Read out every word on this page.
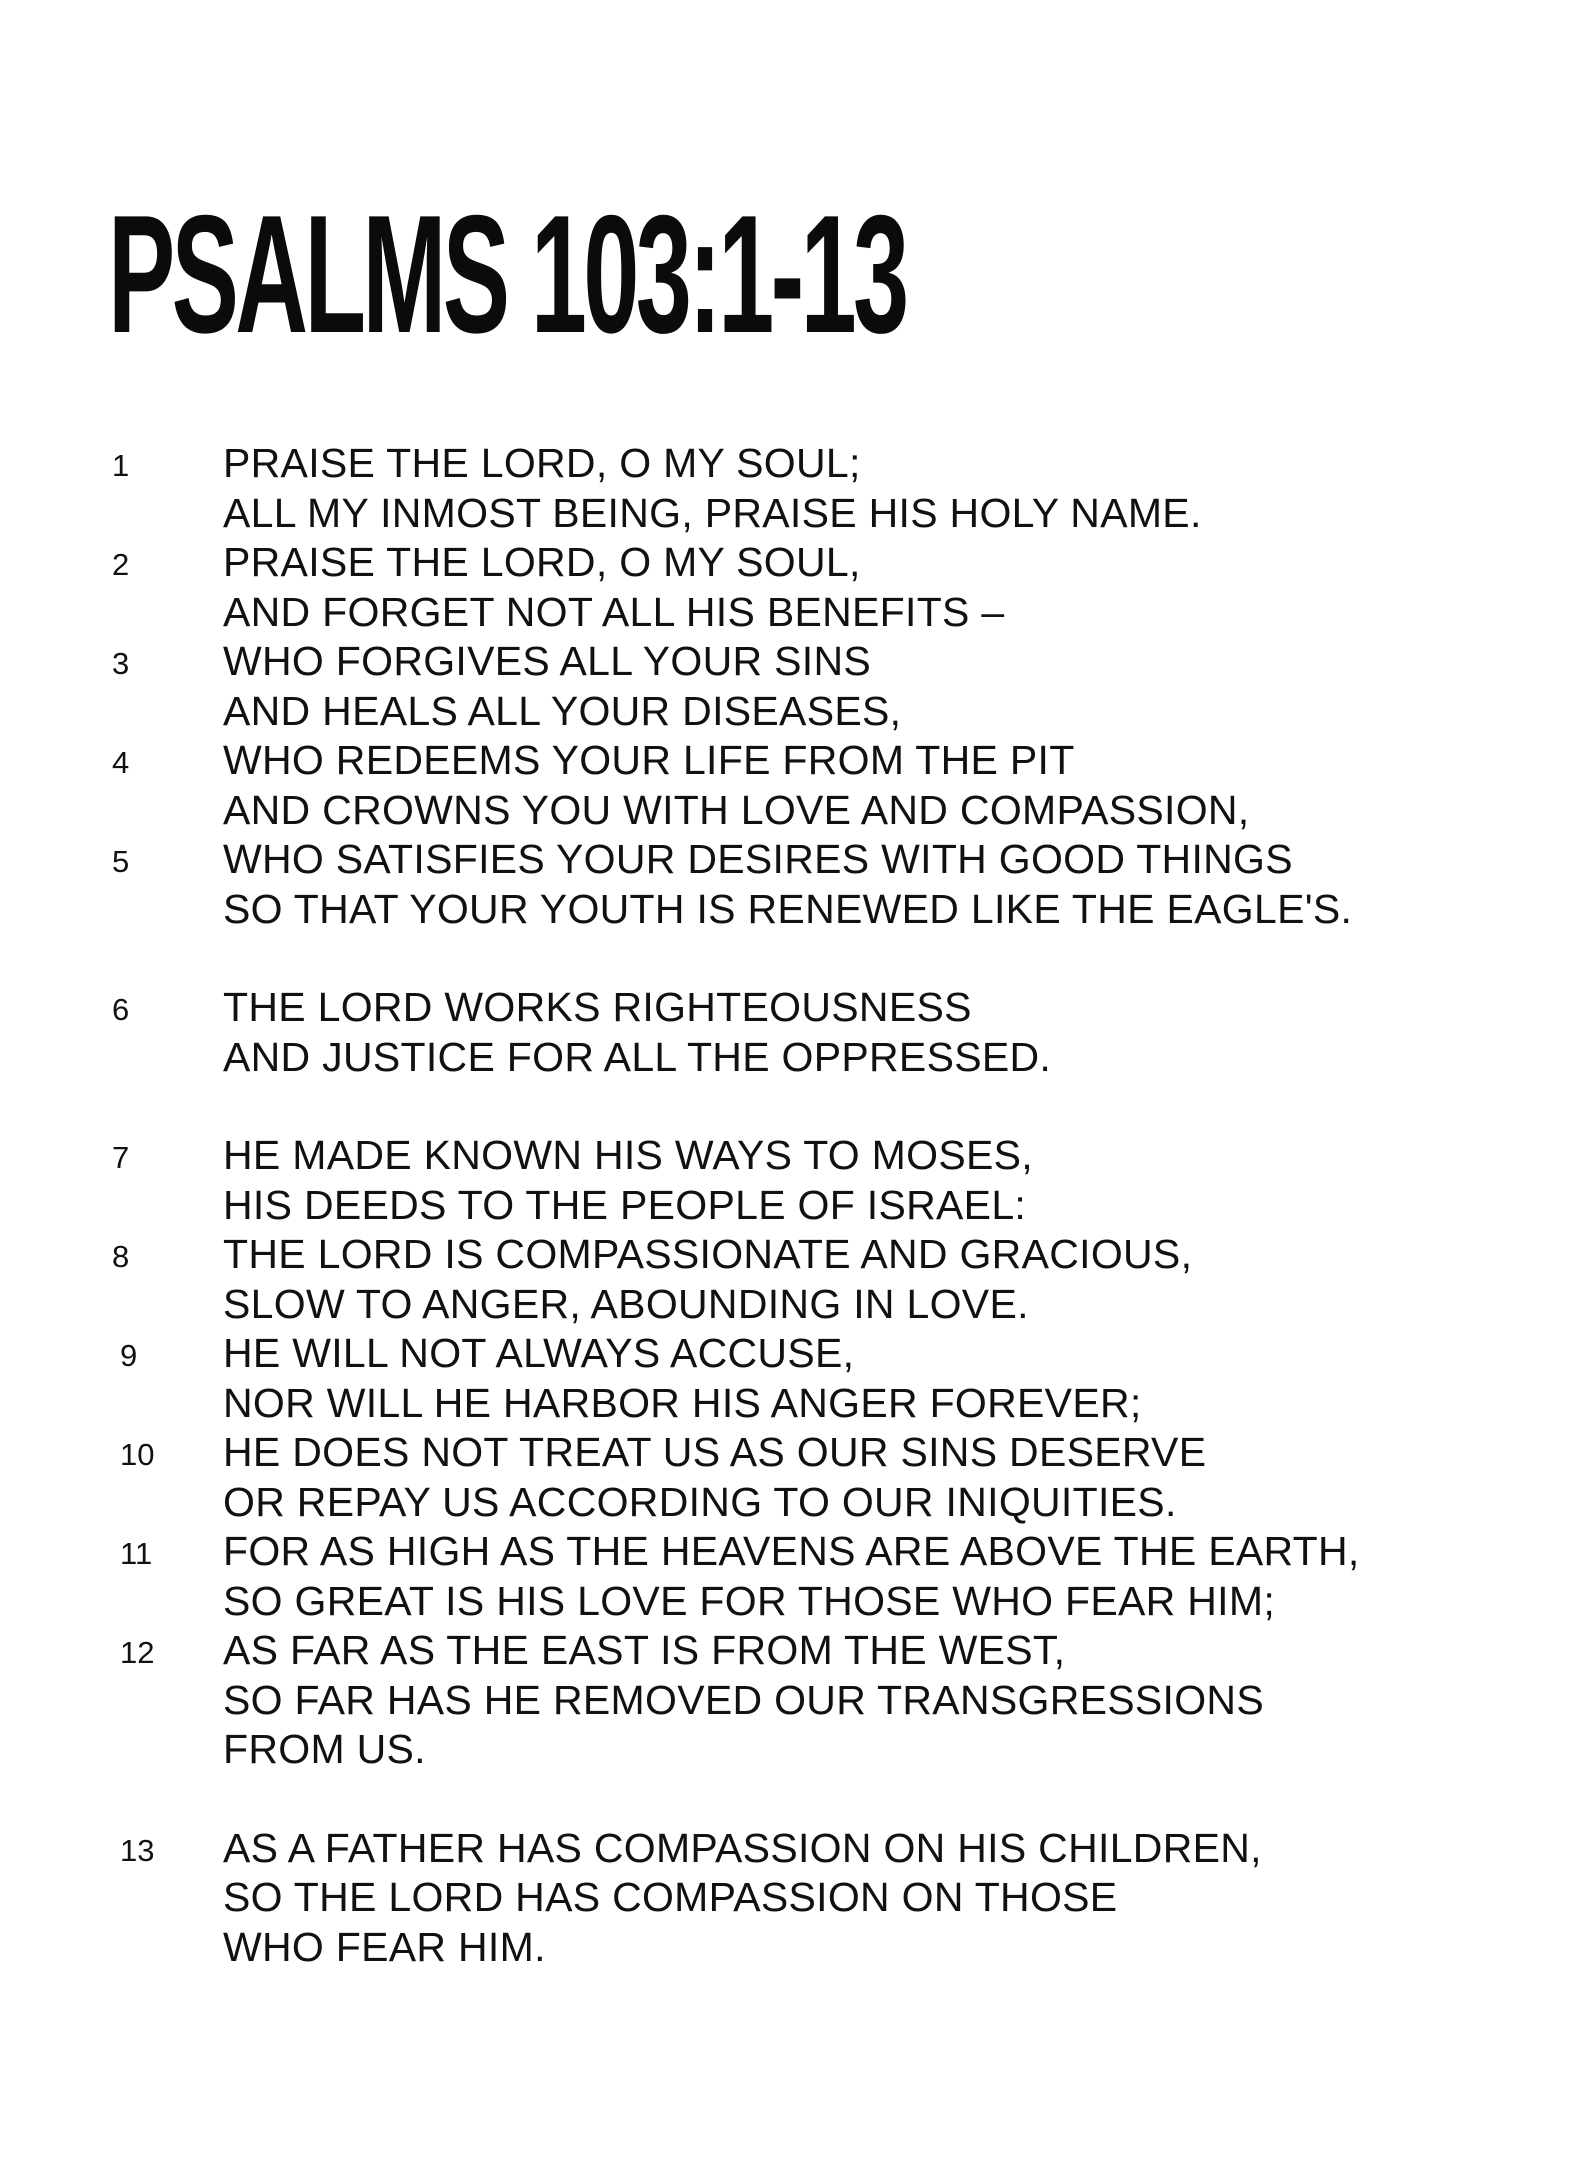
PSALMS 103:1-13
1 PRAISE THE LORD, O MY SOUL;
ALL MY INMOST BEING, PRAISE HIS HOLY NAME.
2 PRAISE THE LORD, O MY SOUL,
AND FORGET NOT ALL HIS BENEFITS –
3 WHO FORGIVES ALL YOUR SINS
AND HEALS ALL YOUR DISEASES,
4 WHO REDEEMS YOUR LIFE FROM THE PIT
AND CROWNS YOU WITH LOVE AND COMPASSION,
5 WHO SATISFIES YOUR DESIRES WITH GOOD THINGS
SO THAT YOUR YOUTH IS RENEWED LIKE THE EAGLE'S.
6 THE LORD WORKS RIGHTEOUSNESS
AND JUSTICE FOR ALL THE OPPRESSED.
7 HE MADE KNOWN HIS WAYS TO MOSES,
HIS DEEDS TO THE PEOPLE OF ISRAEL:
8 THE LORD IS COMPASSIONATE AND GRACIOUS,
SLOW TO ANGER, ABOUNDING IN LOVE.
9 HE WILL NOT ALWAYS ACCUSE,
NOR WILL HE HARBOR HIS ANGER FOREVER;
10 HE DOES NOT TREAT US AS OUR SINS DESERVE
OR REPAY US ACCORDING TO OUR INIQUITIES.
11 FOR AS HIGH AS THE HEAVENS ARE ABOVE THE EARTH,
SO GREAT IS HIS LOVE FOR THOSE WHO FEAR HIM;
12 AS FAR AS THE EAST IS FROM THE WEST,
SO FAR HAS HE REMOVED OUR TRANSGRESSIONS
FROM US.
13 AS A FATHER HAS COMPASSION ON HIS CHILDREN,
SO THE LORD HAS COMPASSION ON THOSE
WHO FEAR HIM.
